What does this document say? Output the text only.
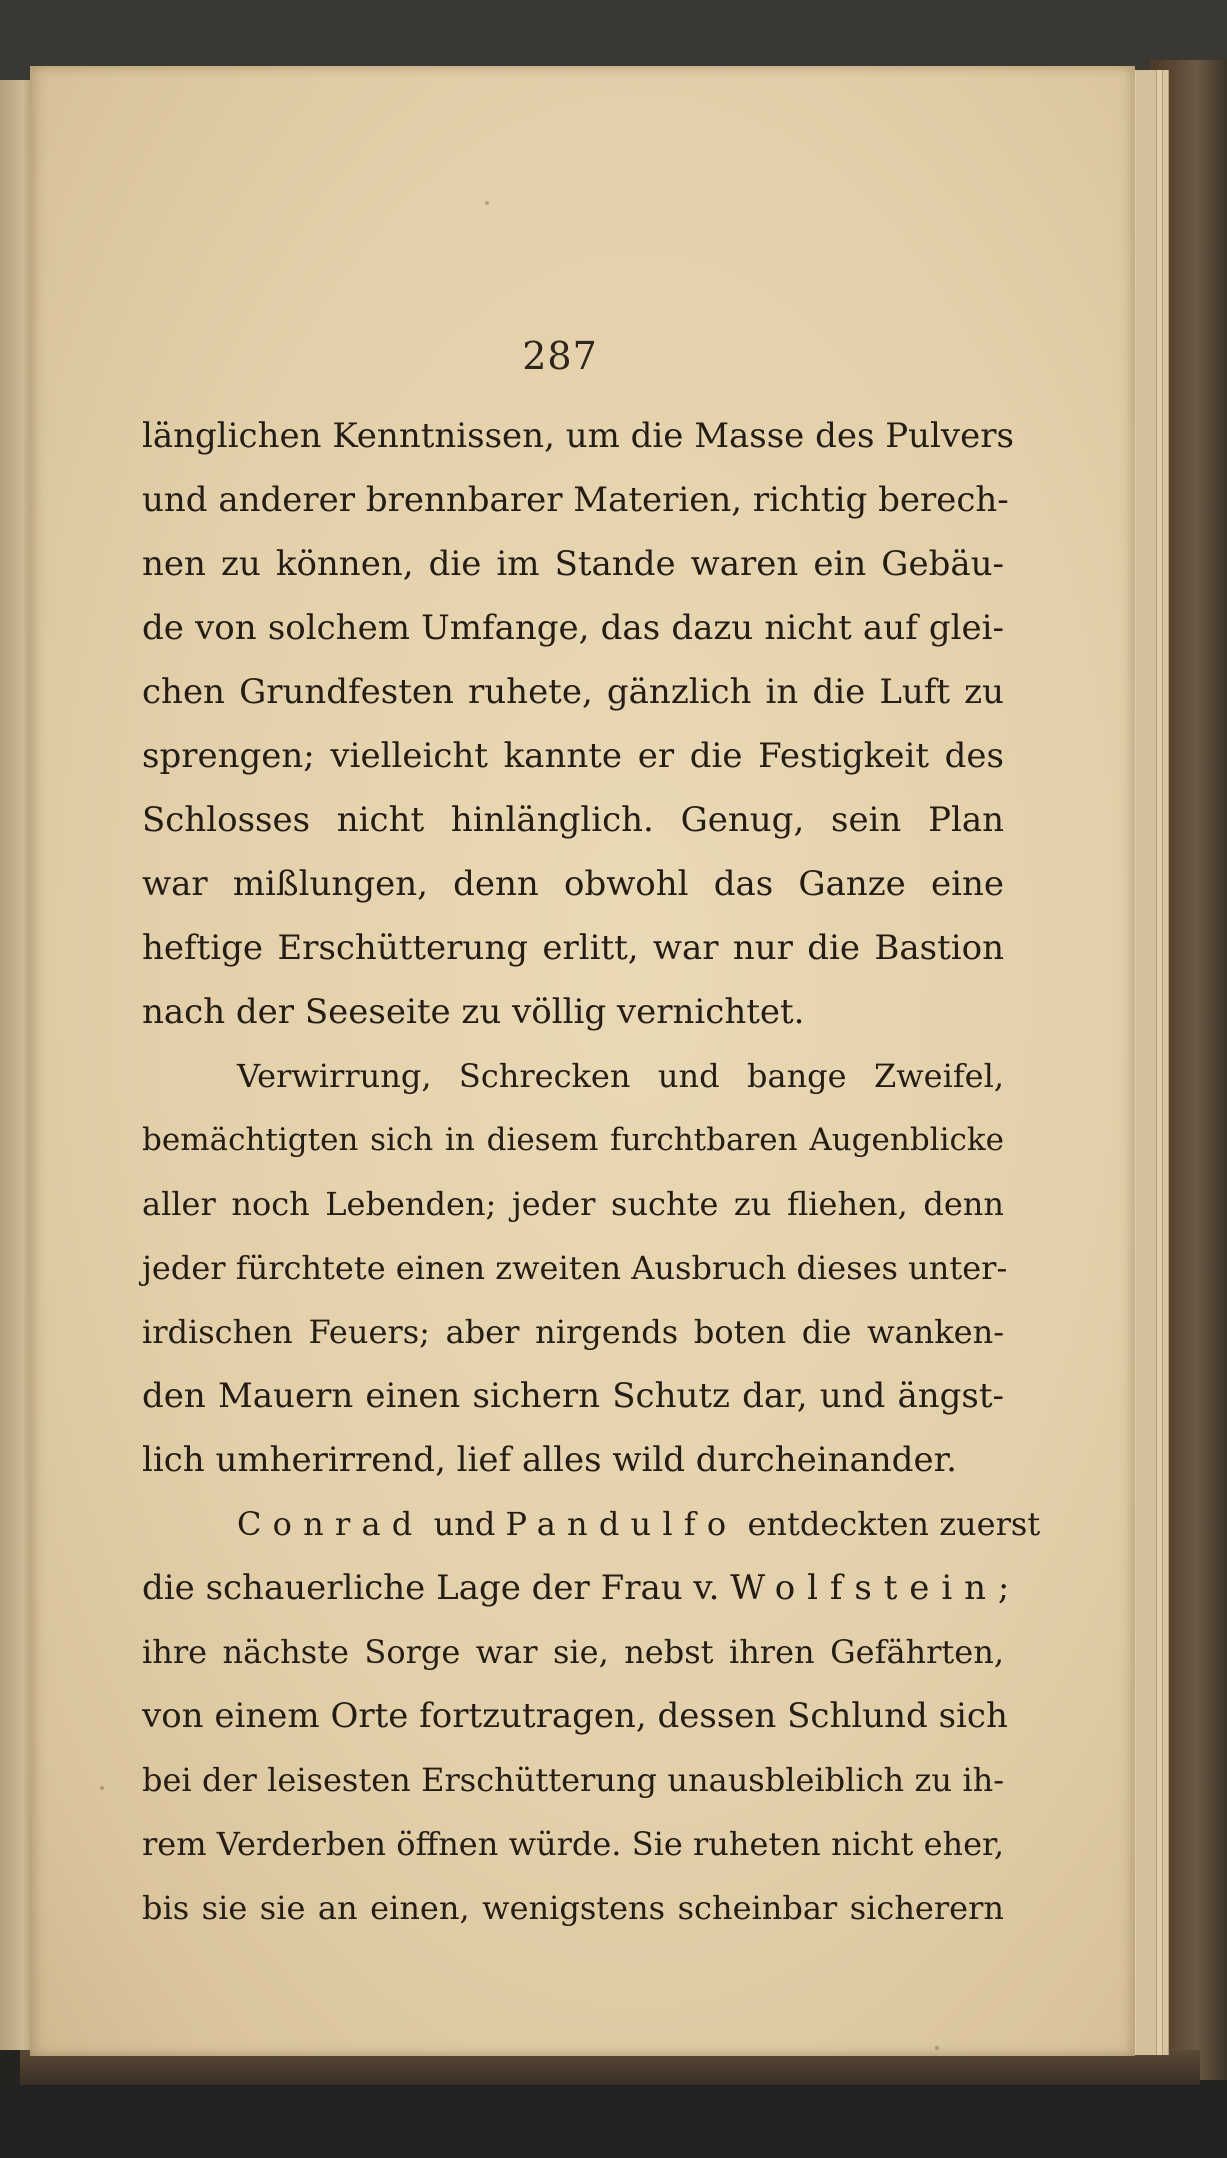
287
länglichen Kenntnissen, um die Masse des Pulvers
und anderer brennbarer Materien, richtig berech-
nen zu können, die im Stande waren ein Gebäu-
de von solchem Umfange, das dazu nicht auf glei-
chen Grundfesten ruhete, gänzlich in die Luft zu
sprengen; vielleicht kannte er die Festigkeit des
Schlosses nicht hinlänglich. Genug, sein Plan
war mißlungen, denn obwohl das Ganze eine
heftige Erschütterung erlitt, war nur die Bastion
nach der Seeseite zu völlig vernichtet.
Verwirrung, Schrecken und bange Zweifel,
bemächtigten sich in diesem furchtbaren Augenblicke
aller noch Lebenden; jeder suchte zu fliehen, denn
jeder fürchtete einen zweiten Ausbruch dieses unter-
irdischen Feuers; aber nirgends boten die wanken-
den Mauern einen sichern Schutz dar, und ängst-
lich umherirrend, lief alles wild durcheinander.
Conrad und Pandulfo entdeckten zuerst
die schauerliche Lage der Frau v. Wolfstein;
ihre nächste Sorge war sie, nebst ihren Gefährten,
von einem Orte fortzutragen, dessen Schlund sich
bei der leisesten Erschütterung unausbleiblich zu ih-
rem Verderben öffnen würde. Sie ruheten nicht eher,
bis sie sie an einen, wenigstens scheinbar sicherern
